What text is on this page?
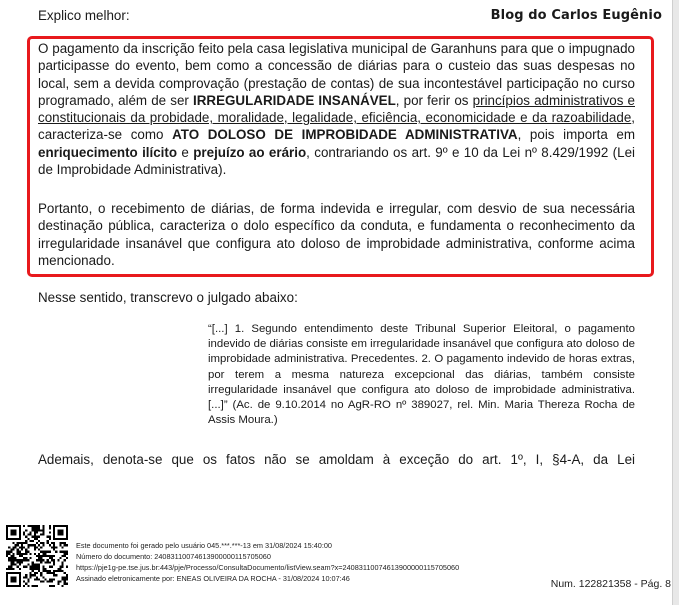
Explico melhor:	Blog do Carlos Eugênio
O pagamento da inscrição feito pela casa legislativa municipal de Garanhuns para que o impugnado participasse do evento, bem como a concessão de diárias para o custeio das suas despesas no local, sem a devida comprovação (prestação de contas) de sua incontestável participação no curso programado, além de ser IRREGULARIDADE INSANÁVEL, por ferir os princípios administrativos e constitucionais da probidade, moralidade, legalidade, eficiência, economicidade e da razoabilidade, caracteriza-se como ATO DOLOSO DE IMPROBIDADE ADMINISTRATIVA, pois importa em enriquecimento ilícito e prejuízo ao erário, contrariando os art. 9º e 10 da Lei nº 8.429/1992 (Lei de Improbidade Administrativa).
Portanto, o recebimento de diárias, de forma indevida e irregular, com desvio de sua necessária destinação pública, caracteriza o dolo específico da conduta, e fundamenta o reconhecimento da irregularidade insanável que configura ato doloso de improbidade administrativa, conforme acima mencionado.
Nesse sentido, transcrevo o julgado abaixo:
“[...] 1. Segundo entendimento deste Tribunal Superior Eleitoral, o pagamento indevido de diárias consiste em irregularidade insanável que configura ato doloso de improbidade administrativa. Precedentes. 2. O pagamento indevido de horas extras, por terem a mesma natureza excepcional das diárias, também consiste irregularidade insanável que configura ato doloso de improbidade administrativa. [...]” (Ac. de 9.10.2014 no AgR-RO nº 389027, rel. Min. Maria Thereza Rocha de Assis Moura.)
Ademais, denota-se que os fatos não se amoldam à exceção do art. 1º, I, §4-A, da Lei
Este documento foi gerado pelo usuário 045.***.***-13 em 31/08/2024 15:40:00
Número do documento: 24083110074613900000115705060
https://pje1g-pe.tse.jus.br:443/pje/Processo/ConsultaDocumento/listView.seam?x=24083110074613900000115705060
Assinado eletronicamente por: ENEAS OLIVEIRA DA ROCHA - 31/08/2024 10:07:46	Num. 122821358 - Pág. 8
